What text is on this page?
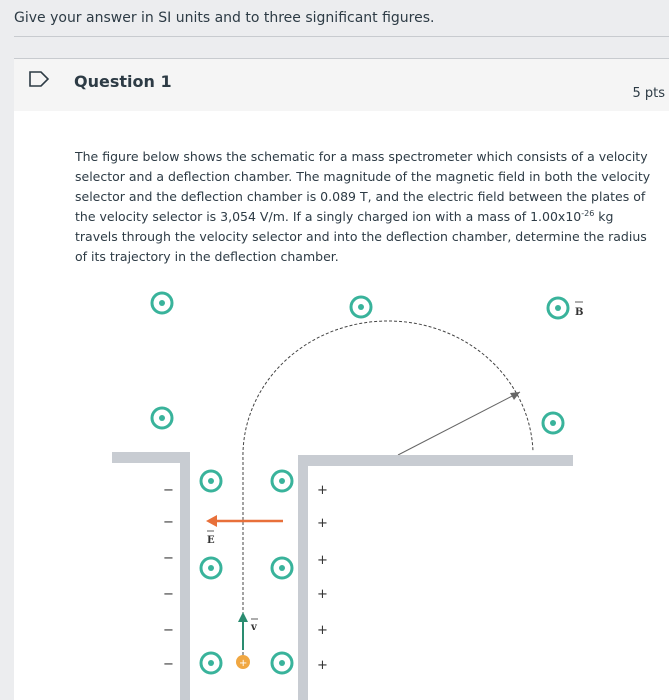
Give your answer in SI units and to three significant figures.
Question 1
5 pts
The figure below shows the schematic for a mass spectrometer which consists of a velocity selector and a deflection chamber. The magnitude of the magnetic field in both the velocity selector and the deflection chamber is 0.089 T, and the electric field between the plates of the velocity selector is 3,054 V/m. If a singly charged ion with a mass of $1.00x10^{-26}$ kg travels through the velocity selector and into the deflection chamber, determine the radius of its trajectory in the deflection chamber.
B
E
v
+
−
−
−
−
−
−
+
+
+
+
+
+
